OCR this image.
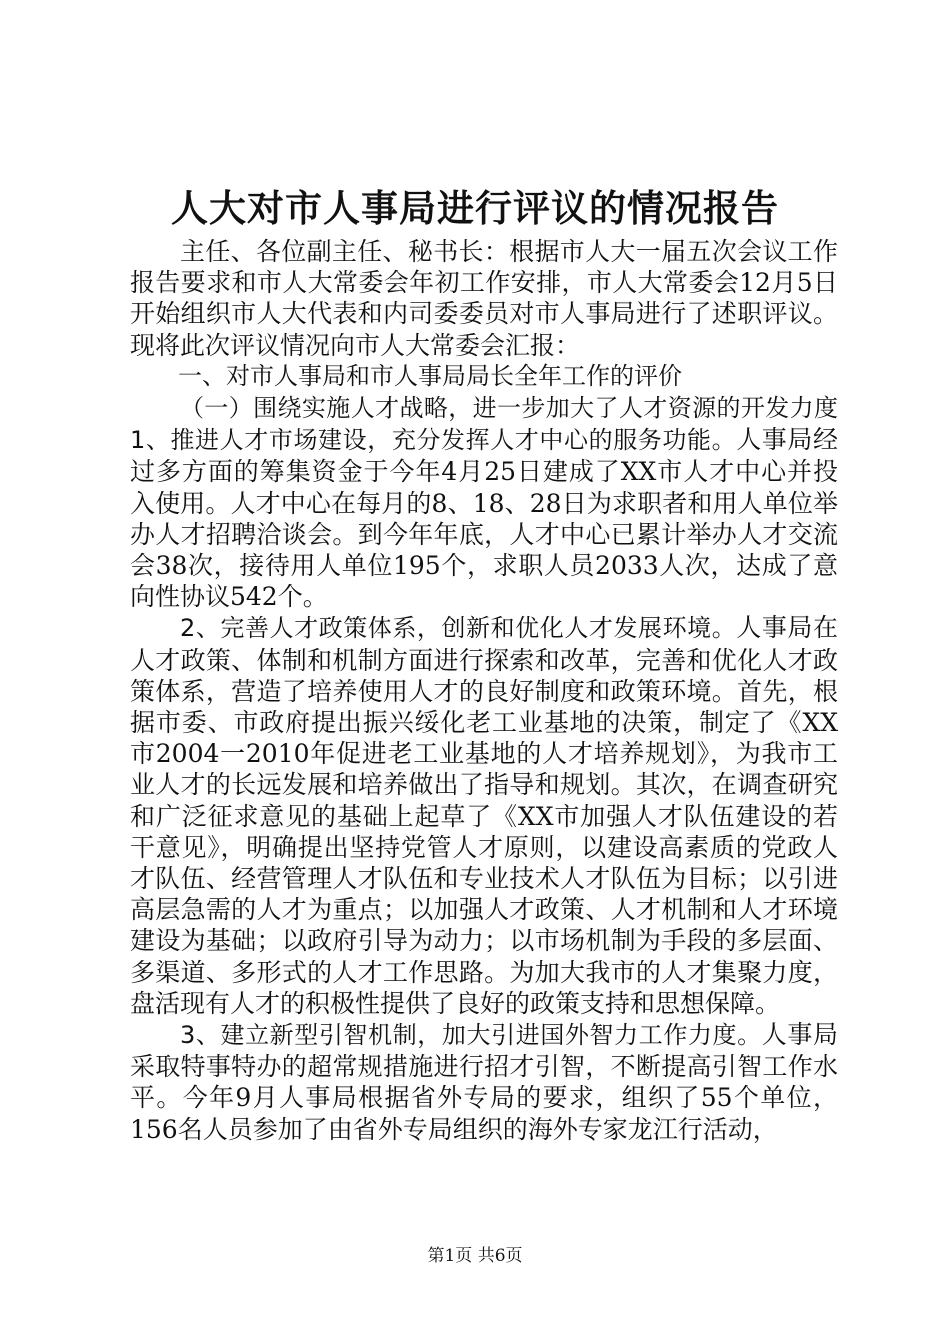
人大对市人事局进行评议的情况报告

主任、各位副主任、秘书长：根据市人大一届五次会议工作报告要求和市人大常委会年初工作安排，市人大常委会12月5日开始组织市人大代表和内司委委员对市人事局进行了述职评议。现将此次评议情况向市人大常委会汇报：

一、对市人事局和市人事局局长全年工作的评价

（一）围绕实施人才战略，进一步加大了人才资源的开发力度1、推进人才市场建设，充分发挥人才中心的服务功能。人事局经过多方面的筹集资金于今年4月25日建成了XX市人才中心并投入使用。人才中心在每月的8、18、28日为求职者和用人单位举办人才招聘洽谈会。到今年年底，人才中心已累计举办人才交流会38次，接待用人单位195个，求职人员2033人次，达成了意向性协议542个。

2、完善人才政策体系，创新和优化人才发展环境。人事局在人才政策、体制和机制方面进行探索和改革，完善和优化人才政策体系，营造了培养使用人才的良好制度和政策环境。首先，根据市委、市政府提出振兴绥化老工业基地的决策，制定了《XX市2004一2010年促进老工业基地的人才培养规划》，为我市工业人才的长远发展和培养做出了指导和规划。其次，在调查研究和广泛征求意见的基础上起草了《XX市加强人才队伍建设的若干意见》，明确提出坚持党管人才原则，以建设高素质的党政人才队伍、经营管理人才队伍和专业技术人才队伍为目标；以引进高层急需的人才为重点；以加强人才政策、人才机制和人才环境建设为基础；以政府引导为动力；以市场机制为手段的多层面、多渠道、多形式的人才工作思路。为加大我市的人才集聚力度，盘活现有人才的积极性提供了良好的政策支持和思想保障。

3、建立新型引智机制，加大引进国外智力工作力度。人事局采取特事特办的超常规措施进行招才引智，不断提高引智工作水平。今年9月人事局根据省外专局的要求，组织了55个单位，156名人员参加了由省外专局组织的海外专家龙江行活动，

第1页 共6页
